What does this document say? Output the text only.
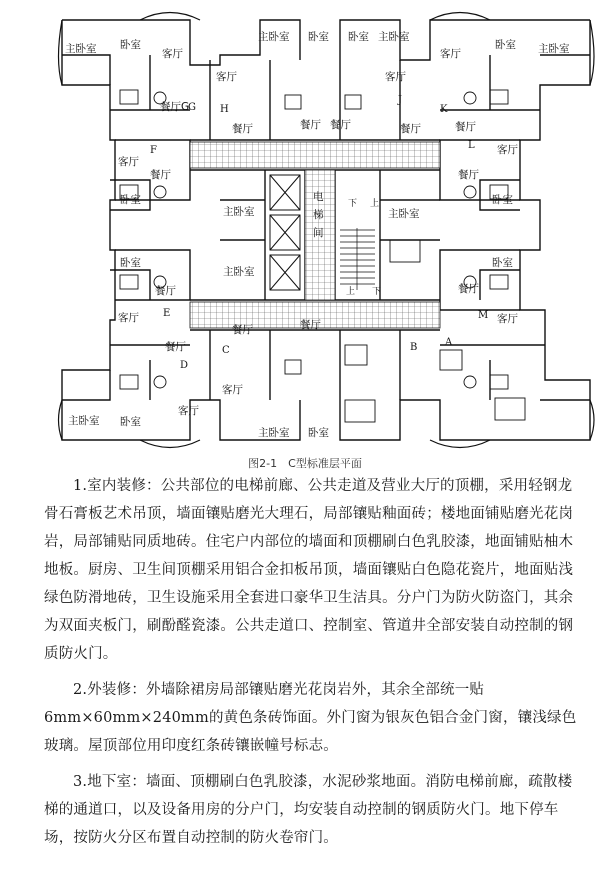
主卧室 卧室
客厅
主卧室 卧室 卧室 主卧室
客厅
卧室 主卧室
客厅	客厅
餐厅G
餐厅
餐厅	餐厅 餐厅	餐厅
客厅
客厅
餐厅	餐厅
卧室	卧室
主卧室	主卧室
卧室	卧室
餐厅	餐厅
主卧室
客厅	客厅
餐厅
餐厅	餐厅
客厅
主卧室 卧室
客厅
主卧室 卧室
电
梯
间
上
下
上 下
A
B
C
D
E
F
G H
J
K
L
M
图2-1　C型标准层平面

1.室内装修：公共部位的电梯前廊、公共走道及营业大厅的顶棚，采用轻钢龙骨石膏板艺术吊顶，墙面镶贴磨光大理石，局部镶贴釉面砖；楼地面铺贴磨光花岗岩，局部铺贴同质地砖。住宅户内部位的墙面和顶棚刷白色乳胶漆，地面铺贴柚木地板。厨房、卫生间顶棚采用铝合金扣板吊顶，墙面镶贴白色隐花瓷片，地面贴浅绿色防滑地砖，卫生设施采用全套进口豪华卫生洁具。分户门为防火防盗门，其余为双面夹板门，刷酚醛瓷漆。公共走道口、控制室、管道井全部安装自动控制的钢质防火门。

2.外装修：外墙除裙房局部镶贴磨光花岗岩外，其余全部统一贴 6mm×60mm×240mm的黄色条砖饰面。外门窗为银灰色铝合金门窗，镶浅绿色玻璃。屋顶部位用印度红条砖镶嵌幢号标志。

3.地下室：墙面、顶棚刷白色乳胶漆，水泥砂浆地面。消防电梯前廊，疏散楼梯的通道口，以及设备用房的分户门，均安装自动控制的钢质防火门。地下停车场，按防火分区布置自动控制的防火卷帘门。
